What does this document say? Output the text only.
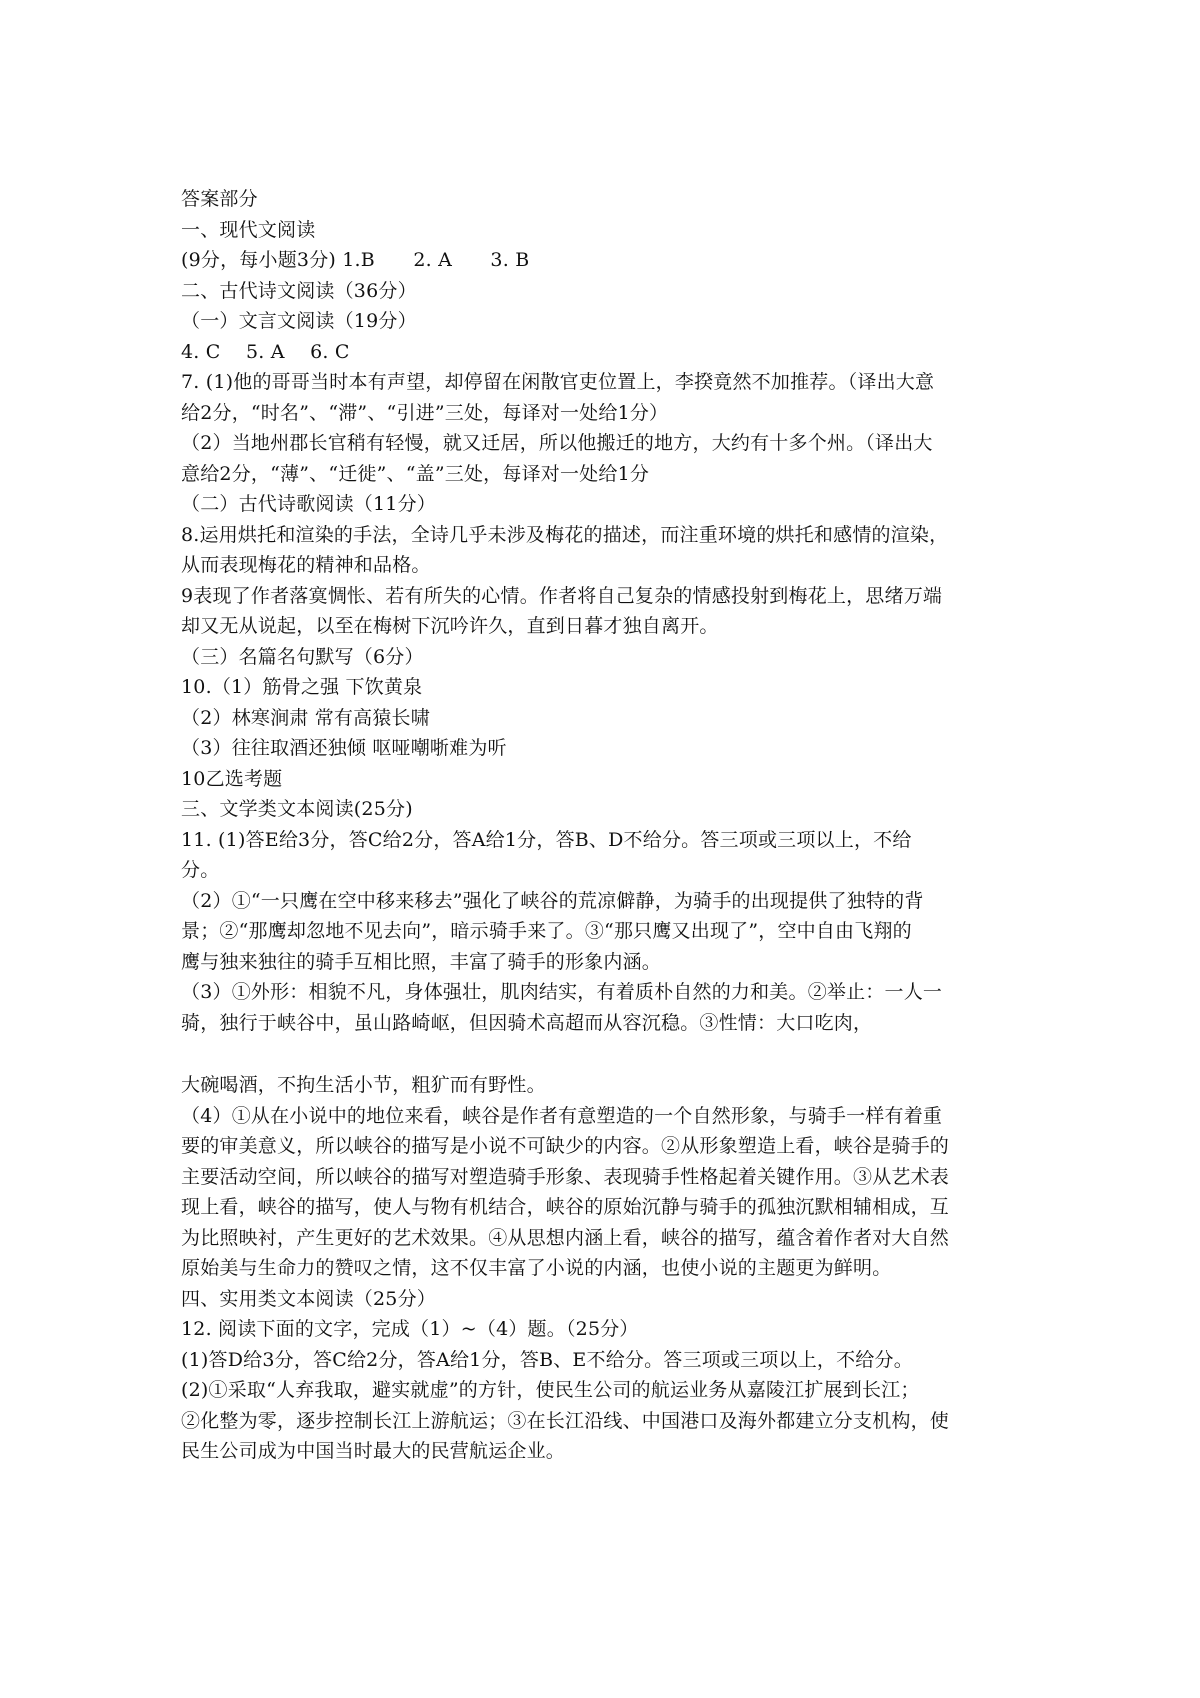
答案部分
一、现代文阅读
(9分，每小题3分) 1.B　　2. A　　3. B
二、古代诗文阅读（36分）
（一）文言文阅读（19分）
4. C　 5. A　 6. C
7. (1)他的哥哥当时本有声望，却停留在闲散官吏位置上，李揆竟然不加推荐。（译出大意
给2分，“时名”、“滞”、“引进”三处，每译对一处给1分）
（2）当地州郡长官稍有轻慢，就又迁居，所以他搬迁的地方，大约有十多个州。（译出大
意给2分，“薄”、“迁徙”、“盖”三处，每译对一处给1分
（二）古代诗歌阅读（11分）
8.运用烘托和渲染的手法，全诗几乎未涉及梅花的描述，而注重环境的烘托和感情的渲染，
从而表现梅花的精神和品格。
9表现了作者落寞惆怅、若有所失的心情。作者将自己复杂的情感投射到梅花上，思绪万端
却又无从说起，以至在梅树下沉吟许久，直到日暮才独自离开。
（三）名篇名句默写（6分）
10.（1）筋骨之强 下饮黄泉
（2）林寒涧肃 常有高猿长啸
（3）往往取酒还独倾 呕哑嘲哳难为听
10乙选考题
三、文学类文本阅读(25分)
11. (1)答E给3分，答C给2分，答A给1分，答B、D不给分。答三项或三项以上，不给
分。
（2）①“一只鹰在空中移来移去”强化了峡谷的荒凉僻静，为骑手的出现提供了独特的背
景；②“那鹰却忽地不见去向”，暗示骑手来了。③“那只鹰又出现了”，空中自由飞翔的
鹰与独来独往的骑手互相比照，丰富了骑手的形象内涵。
（3）①外形：相貌不凡，身体强壮，肌肉结实，有着质朴自然的力和美。②举止：一人一
骑，独行于峡谷中，虽山路崎岖，但因骑术高超而从容沉稳。③性情：大口吃肉，
大碗喝酒，不拘生活小节，粗犷而有野性。
（4）①从在小说中的地位来看，峡谷是作者有意塑造的一个自然形象，与骑手一样有着重
要的审美意义，所以峡谷的描写是小说不可缺少的内容。②从形象塑造上看，峡谷是骑手的
主要活动空间，所以峡谷的描写对塑造骑手形象、表现骑手性格起着关键作用。③从艺术表
现上看，峡谷的描写，使人与物有机结合，峡谷的原始沉静与骑手的孤独沉默相辅相成，互
为比照映衬，产生更好的艺术效果。④从思想内涵上看，峡谷的描写，蕴含着作者对大自然
原始美与生命力的赞叹之情，这不仅丰富了小说的内涵，也使小说的主题更为鲜明。
四、实用类文本阅读（25分）
12. 阅读下面的文字，完成（1）~（4）题。（25分）
(1)答D给3分，答C给2分，答A给1分，答B、E不给分。答三项或三项以上，不给分。
(2)①采取“人弃我取，避实就虚”的方针，使民生公司的航运业务从嘉陵江扩展到长江；
②化整为零，逐步控制长江上游航运；③在长江沿线、中国港口及海外都建立分支机构，使
民生公司成为中国当时最大的民营航运企业。
